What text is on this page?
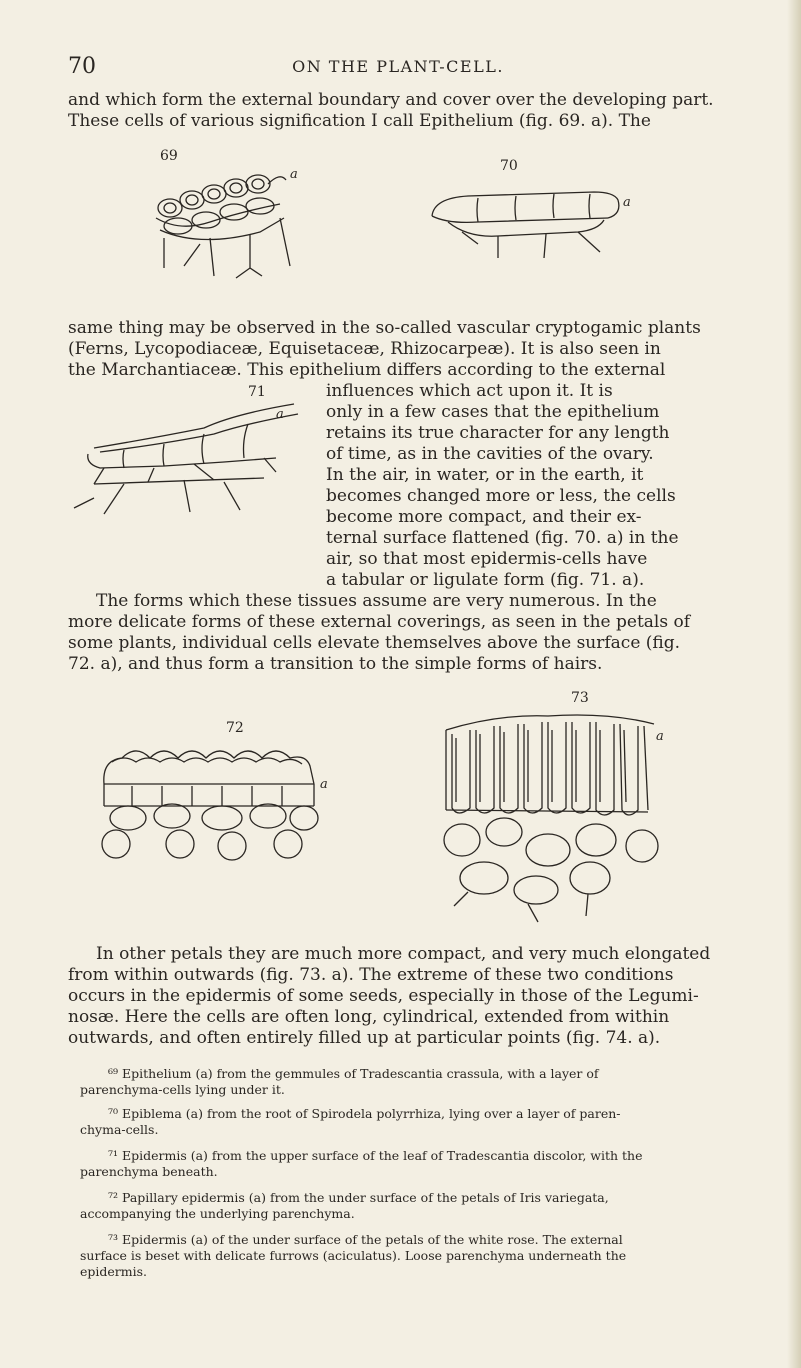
70	ON THE PLANT-CELL.
and which form the external boundary and cover over the developing part.
These cells of various signification I call Epithelium (fig. 69. a). The
69
a
70
a
same thing may be observed in the so-called vascular cryptogamic plants
(Ferns, Lycopodiaceæ, Equisetaceæ, Rhizocarpeæ). It is also seen in
the Marchantiaceæ. This epithelium differs according to the external
71
a
influences which act upon it. It is
only in a few cases that the epithelium
retains its true character for any length
of time, as in the cavities of the ovary.
In the air, in water, or in the earth, it
becomes changed more or less, the cells
become more compact, and their ex-
ternal surface flattened (fig. 70. a) in the
air, so that most epidermis-cells have
a tabular or ligulate form (fig. 71. a).
The forms which these tissues assume are very numerous. In the
more delicate forms of these external coverings, as seen in the petals of
some plants, individual cells elevate themselves above the surface (fig.
72. a), and thus form a transition to the simple forms of hairs.
72
a
73
a
In other petals they are much more compact, and very much elongated
from within outwards (fig. 73. a). The extreme of these two conditions
occurs in the epidermis of some seeds, especially in those of the Legumi-
nosæ. Here the cells are often long, cylindrical, extended from within
outwards, and often entirely filled up at particular points (fig. 74. a).
⁶⁹ Epithelium (a) from the gemmules of Tradescantia crassula, with a layer of
parenchyma-cells lying under it.
⁷⁰ Epiblema (a) from the root of Spirodela polyrrhiza, lying over a layer of paren-
chyma-cells.
⁷¹ Epidermis (a) from the upper surface of the leaf of Tradescantia discolor, with the
parenchyma beneath.
⁷² Papillary epidermis (a) from the under surface of the petals of Iris variegata,
accompanying the underlying parenchyma.
⁷³ Epidermis (a) of the under surface of the petals of the white rose. The external
surface is beset with delicate furrows (aciculatus). Loose parenchyma underneath the
epidermis.
